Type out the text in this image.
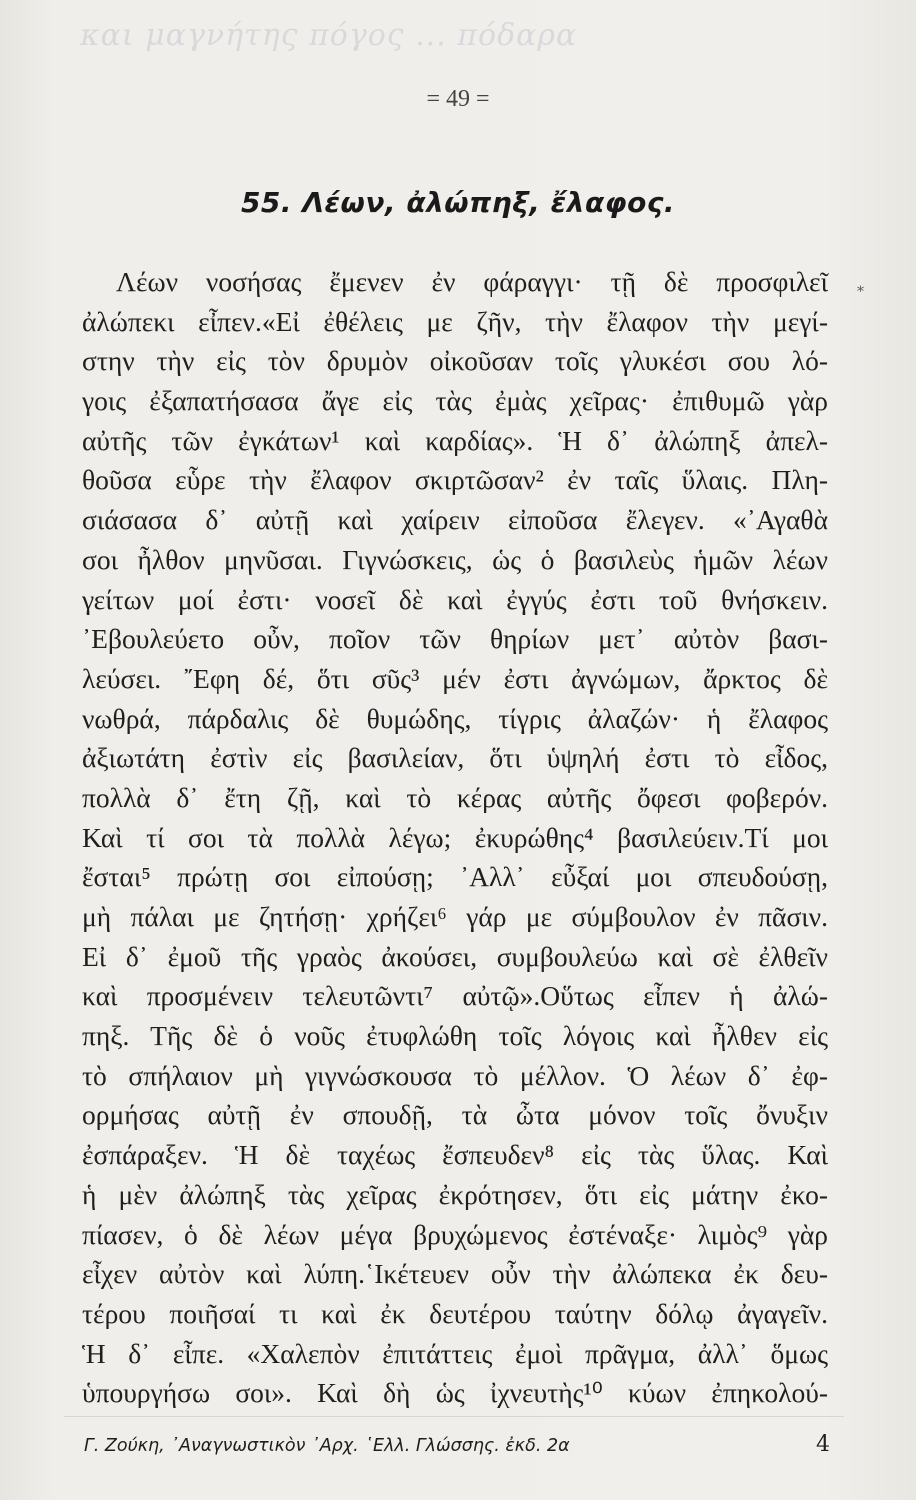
και μαγνήτης πόγος ... πόδαρα
= 49 =
55. Λέων, ἀλώπηξ, ἔλαφος.
*
Λέων νοσήσας ἔμενεν ἐν φάραγγι· τῇ δὲ προσφιλεῖ
ἀλώπεκι εἶπεν.«Εἰ ἐθέλεις με ζῆν, τὴν ἔλαφον τὴν μεγί-
στην τὴν εἰς τὸν δρυμὸν οἰκοῦσαν τοῖς γλυκέσι σου λό-
γοις ἐξαπατήσασα ἄγε εἰς τὰς ἐμὰς χεῖρας· ἐπιθυμῶ γὰρ
αὐτῆς τῶν ἐγκάτων¹ καὶ καρδίας». Ἡ δ᾽ ἀλώπηξ ἀπελ-
θοῦσα εὗρε τὴν ἔλαφον σκιρτῶσαν² ἐν ταῖς ὕλαις. Πλη-
σιάσασα δ᾽ αὐτῇ καὶ χαίρειν εἰποῦσα ἔλεγεν. «᾽Αγαθὰ
σοι ἦλθον μηνῦσαι. Γιγνώσκεις, ὡς ὁ βασιλεὺς ἡμῶν λέων
γείτων μοί ἐστι· νοσεῖ δὲ καὶ ἐγγύς ἐστι τοῦ θνήσκειν.
᾽Εβουλεύετο οὖν, ποῖον τῶν θηρίων μετ᾽ αὐτὸν βασι-
λεύσει. ῎Εφη δέ, ὅτι σῦς³ μέν ἐστι ἀγνώμων, ἄρκτος δὲ
νωθρά, πάρδαλις δὲ θυμώδης, τίγρις ἀλαζών· ἡ ἔλαφος
ἀξιωτάτη ἐστὶν εἰς βασιλείαν, ὅτι ὑψηλή ἐστι τὸ εἶδος,
πολλὰ δ᾽ ἔτη ζῇ, καὶ τὸ κέρας αὐτῆς ὄφεσι φοβερόν.
Καὶ τί σοι τὰ πολλὰ λέγω; ἐκυρώθης⁴ βασιλεύειν.Τί μοι
ἔσται⁵ πρώτῃ σοι εἰπούσῃ; ᾽Αλλ᾽ εὖξαί μοι σπευδούσῃ,
μὴ πάλαι με ζητήσῃ· χρήζει⁶ γάρ με σύμβουλον ἐν πᾶσιν.
Εἰ δ᾽ ἐμοῦ τῆς γραὸς ἀκούσει, συμβουλεύω καὶ σὲ ἐλθεῖν
καὶ προσμένειν τελευτῶντι⁷ αὐτῷ».Οὕτως εἶπεν ἡ ἀλώ-
πηξ. Τῆς δὲ ὁ νοῦς ἐτυφλώθη τοῖς λόγοις καὶ ἦλθεν εἰς
τὸ σπήλαιον μὴ γιγνώσκουσα τὸ μέλλον. Ὁ λέων δ᾽ ἐφ-
ορμήσας αὐτῇ ἐν σπουδῇ, τὰ ὦτα μόνον τοῖς ὄνυξιν
ἐσπάραξεν. Ἡ δὲ ταχέως ἔσπευδεν⁸ εἰς τὰς ὕλας. Καὶ
ἡ μὲν ἀλώπηξ τὰς χεῖρας ἐκρότησεν, ὅτι εἰς μάτην ἐκο-
πίασεν, ὁ δὲ λέων μέγα βρυχώμενος ἐστέναξε· λιμὸς⁹ γὰρ
εἶχεν αὐτὸν καὶ λύπη.῾Ικέτευεν οὖν τὴν ἀλώπεκα ἐκ δευ-
τέρου ποιῆσαί τι καὶ ἐκ δευτέρου ταύτην δόλῳ ἀγαγεῖν.
Ἡ δ᾽ εἶπε. «Χαλεπὸν ἐπιτάττεις ἐμοὶ πρᾶγμα, ἀλλ᾽ ὅμως
ὑπουργήσω σοι». Καὶ δὴ ὡς ἰχνευτὴς¹⁰ κύων ἐπηκολού-
Γ. Ζούκη, ᾽Αναγνωστικὸν ᾽Αρχ. ῾Ελλ. Γλώσσης. ἐκδ. 2α	4
